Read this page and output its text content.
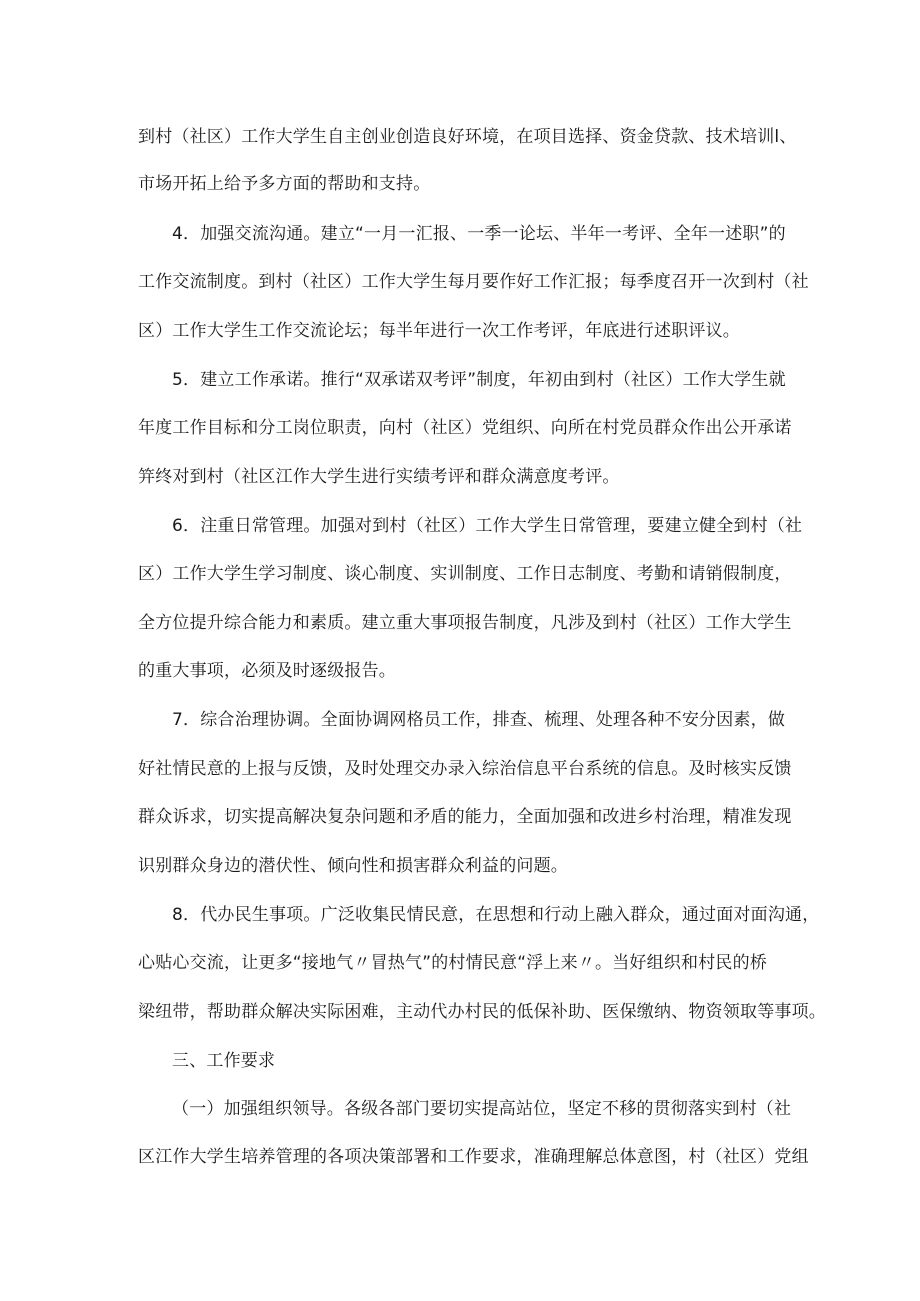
到村（社区）工作大学生自主创业创造良好环境，在项目选择、资金贷款、技术培训l、
市场开拓上给予多方面的帮助和支持。
4．加强交流沟通。建立“一月一汇报、一季一论坛、半年一考评、全年一述职”的
工作交流制度。到村（社区）工作大学生每月要作好工作汇报；每季度召开一次到村（社
区）工作大学生工作交流论坛；每半年进行一次工作考评，年底进行述职评议。
5．建立工作承诺。推行“双承诺双考评”制度，年初由到村（社区）工作大学生就
年度工作目标和分工岗位职责，向村（社区）党组织、向所在村党员群众作出公开承诺
笄终对到村（社区江作大学生进行实绩考评和群众满意度考评。
6．注重日常管理。加强对到村（社区）工作大学生日常管理，要建立健全到村（社
区）工作大学生学习制度、谈心制度、实训制度、工作日志制度、考勤和请销假制度，
全方位提升综合能力和素质。建立重大事项报告制度，凡涉及到村（社区）工作大学生
的重大事项，必须及时逐级报告。
7．综合治理协调。全面协调网格员工作，排查、梳理、处理各种不安分因素，做
好社情民意的上报与反馈，及时处理交办录入综治信息平台系统的信息。及时核实反馈
群众诉求，切实提高解决复杂问题和矛盾的能力，全面加强和改进乡村治理，精准发现
识别群众身边的潜伏性、倾向性和损害群众利益的问题。
8．代办民生事项。广泛收集民情民意，在思想和行动上融入群众，通过面对面沟通，
心贴心交流，让更多“接地气〃冒热气”的村情民意“浮上来〃。当好组织和村民的桥
梁纽带，帮助群众解决实际困难，主动代办村民的低保补助、医保缴纳、物资领取等事项。
三、工作要求
（一）加强组织领导。各级各部门要切实提高站位，坚定不移的贯彻落实到村（社
区江作大学生培养管理的各项决策部署和工作要求，准确理解总体意图，村（社区）党组
